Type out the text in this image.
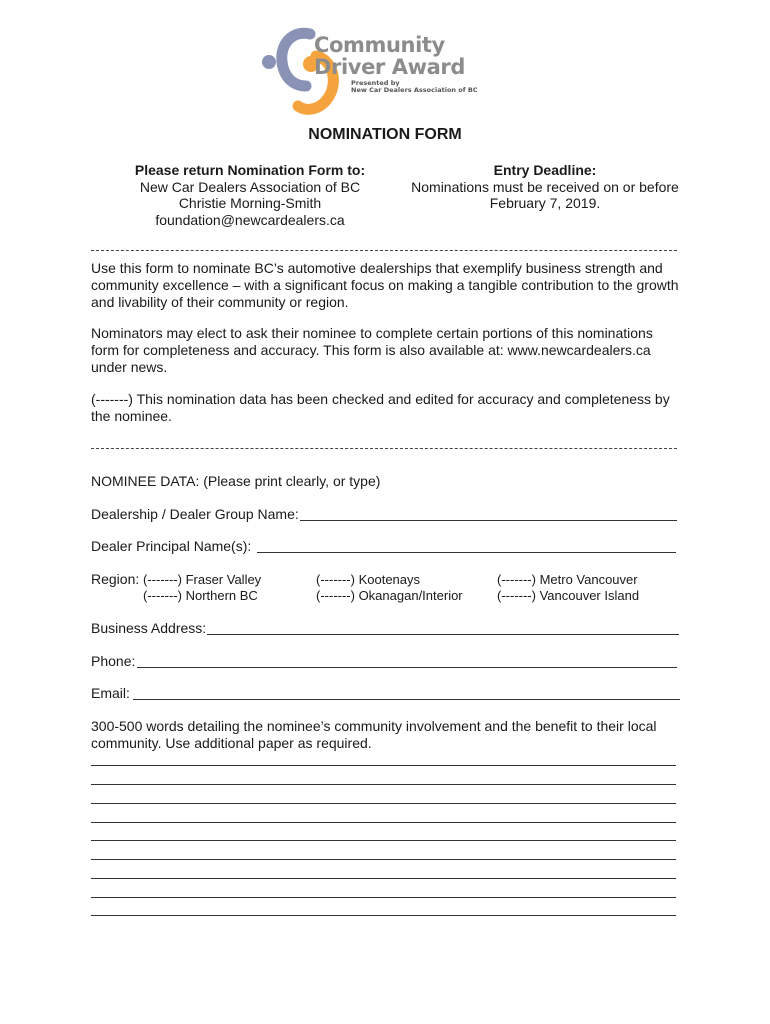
Community
Driver Award
Presented by
New Car Dealers Association of BC
NOMINATION FORM
Please return Nomination Form to:
New Car Dealers Association of BC
Christie Morning-Smith
foundation@newcardealers.ca
Entry Deadline:
Nominations must be received on or before
February 7, 2019.
Use this form to nominate BC’s automotive dealerships that exemplify business strength and community excellence – with a significant focus on making a tangible contribution to the growth and livability of their community or region.
Nominators may elect to ask their nominee to complete certain portions of this nominations form for completeness and accuracy. This form is also available at: www.newcardealers.ca under news.
(-------) This nomination data has been checked and edited for accuracy and completeness by the nominee.
NOMINEE DATA: (Please print clearly, or type)
Dealership / Dealer Group Name:
Dealer Principal Name(s):
Region: (-------) Fraser Valley
(-------) Northern BC
(-------) Kootenays
(-------) Okanagan/Interior
(-------) Metro Vancouver
(-------) Vancouver Island
Business Address:
Phone:
Email:
300-500 words detailing the nominee’s community involvement and the benefit to their local community. Use additional paper as required.
